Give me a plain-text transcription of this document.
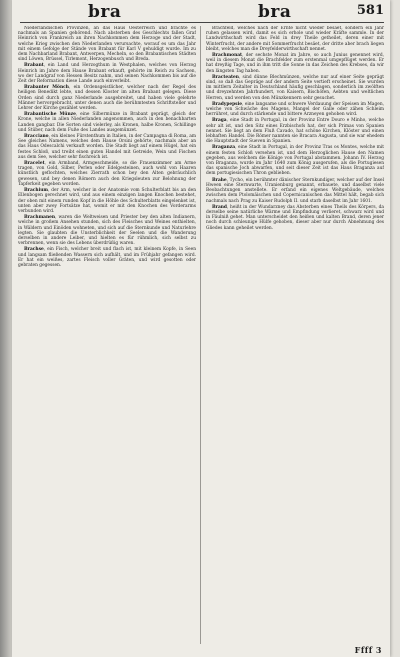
bra	bra	581

Niederländischen Provinzen, an das Haus Oesterreich und brachte es nachmals an Spanien gehörend. Nach absterben des Geschlechts fallen Graf Heinrich von Frankreich an ihren Nachkommen dem Herzoge und der Stadt, welche Krieg zwischen den Niederlanden verursachte, worauf es um das Jahr mit einem Gefolge der Stände von Brabant für Karl V gehuldigt wurde. Im zu dem Nachbarland Brabant, Antwerpen, Mecheln, so den Brabantischen Städten sind Löwen, Brüssel, Tirlemont, Herzogenbusch und Breda.

Brabant, ein Land und Herzogthum in Westphalen, welches von Herzog Heinrich im Jahre dem Hause Brabant erkauft, gehörte im Reich zu Sachsen, wo der Landgraf von Hessen Besitz nahm, und seinen Nachkommen bis auf die Zeit der Reformation diese Lande auch einverleibt.

Brabanter Mönch, ein Ordensgeistlicher, welcher nach der Regel des heiligen Benedikt lebte, und dessen Kloster im alten Brabant gelegen. Diese Orden sind durch ganz Niederlande ausgebreitet, und haben viele gelehrte Männer hervorgebracht, unter denen auch die berühmtesten Schriftsteller und Lehrer der Kirche gezählet werden.

Brabantische Münze, eine Silbermünze in Brabant geprägt, gleich der Krone, welche in allen Niederlanden angenommen, auch in den benachbarten Landen gangbar. Die Sorten sind vielerley, als Kronen, halbe Kronen, Schillinge und Stüber, nach dem Fuße des Landes ausgemünzet.

Bracciano, ein kleines Fürstenthum in Italien, in der Campagna di Roma, am See gleiches Namens, welches dem Hause Orsini gehörte, nachmals aber an das Haus Odescalchi verkauft worden. Die Stadt liegt auf einem Hügel, hat ein festes Schloß, und treibt einen guten Handel mit Getreide, Wein und Fischen aus dem See, welcher sehr fischreich ist.

Bracelet, ein Armband, Armgeschmeide, so die Frauenzimmer am Arme tragen, von Gold, Silber, Perlen oder Edelgesteinen, auch wohl von Haaren künstlich geflochten, welches Zierrath schon bey den Alten gebräuchlich gewesen, und bey denen Römern auch den Kriegsleuten zur Belohnung der Tapferkeit gegeben worden.

Brachium, der Arm, welcher in der Anatomie vom Schulterblatt bis an den Ellenbogen gerechnet wird, und aus einem einzigen langen Knochen bestehet, der oben mit einem runden Kopf in die Höhle des Schulterblatts eingelenket ist, unten aber zwey Fortsätze hat, womit er mit den Knochen des Vorderarms verbunden wird.

Brachmanen, waren die Weltweisen und Priester bey den alten Indianern, welche in großem Ansehen stunden, sich des Fleisches und Weines enthielten, in Wäldern und Einöden wohneten, und sich auf die Sternkunde und Naturlehre legten. Sie glaubten die Unsterblichkeit der Seelen und die Wanderung derselben in andere Leiber, und hielten es für rühmlich, sich selbst zu verbrennen, wenn sie des Lebens überdrüßig waren.

Brachse, ein Fisch, welcher breit und flach ist, mit kleinem Kopfe, in Seen und langsam fließenden Wassern sich aufhält, und im Frühjahr gefangen wird. Er hat ein weißes, zartes Fleisch voller Gräten, und wird gesotten oder gebraten gegessen.

Brachfeld, welches nach der Ernte nicht wieder besäet, sondern ein Jahr ruhen gelassen wird, damit es sich erhole und wieder Kräfte sammle. In der Landwirthschaft wird das Feld in drey Theile getheilet, deren einer mit Winterfrucht, der andere mit Sommerfrucht besäet, der dritte aber brach liegen bleibt, welches man die Dreyfelderwirthschaft nennet.

Brachmonat, der sechste Monat im Jahre, so auch Junius genennet wird, weil in diesem Monat die Brachfelder zum erstenmal umgepflüget werden. Er hat dreyßig Tage, und in ihm tritt die Sonne in das Zeichen des Krebses, da wir den längsten Tag haben.

Bracteaten, sind dünne Blechmünzen, welche nur auf einer Seite geprägt sind, so daß das Gepräge auf der andern Seite vertieft erscheinet. Sie wurden im mittlern Zeitalter in Deutschland häufig geschlagen, sonderlich im zwölften und dreyzehnten Jahrhundert, von Kaisern, Bischöfen, Aebten und weltlichen Herren, und werden von den Münzkennern sehr gesuchet.

Bradypepsie, eine langsame und schwere Verdauung der Speisen im Magen, welche von Schwäche des Magens, Mangel der Galle oder zähen Schleim herrühret, und durch stärkende und bittere Arzneyen gehoben wird.

Braga, eine Stadt in Portugal, in der Provinz Entre Douro e Minho, welche sehr alt ist, und den Sitz eines Erzbischofs hat, der sich Primas von Spanien nennet. Sie liegt an dem Fluß Cavado, hat schöne Kirchen, Klöster und einen lebhaften Handel. Die Römer nannten sie Bracara Augusta, und sie war ehedem die Hauptstadt der Sueven in Spanien.

Braganza, eine Stadt in Portugal, in der Provinz Tras os Montes, welche mit einem festen Schloß versehen ist, und dem Herzoglichen Hause den Namen gegeben, aus welchem die Könige von Portugal abstammen. Johann IV. Herzog von Braganza, wurde im Jahr 1640 zum König ausgerufen, als die Portugiesen das spanische Joch abwarfen, und seit dieser Zeit ist das Haus Braganza auf dem portugiesischen Thron geblieben.

Brahe, Tycho, ein berühmter dänischer Sternkundiger, welcher auf der Insel Hween eine Sternwarte, Uranienburg genannt, erbauete, und daselbst viele Beobachtungen anstellete. Er erfand ein eigenes Weltgebäude, welches zwischen dem Ptolomäischen und Copernicanischen das Mittel hält, begab sich nachmals nach Prag zu Kaiser Rudolph II. und starb daselbst im Jahr 1601.

Brand, heißt in der Wundarzney das Absterben eines Theils des Körpers, da derselbe seine natürliche Wärme und Empfindung verlieret, schwarz wird und in Fäulniß gehet. Man unterscheidet den heißen und kalten Brand, deren jener noch durch schleunige Hülfe gehoben, dieser aber nur durch Abnehmung des Gliedes kann geheilet werden.

Ffff 3
